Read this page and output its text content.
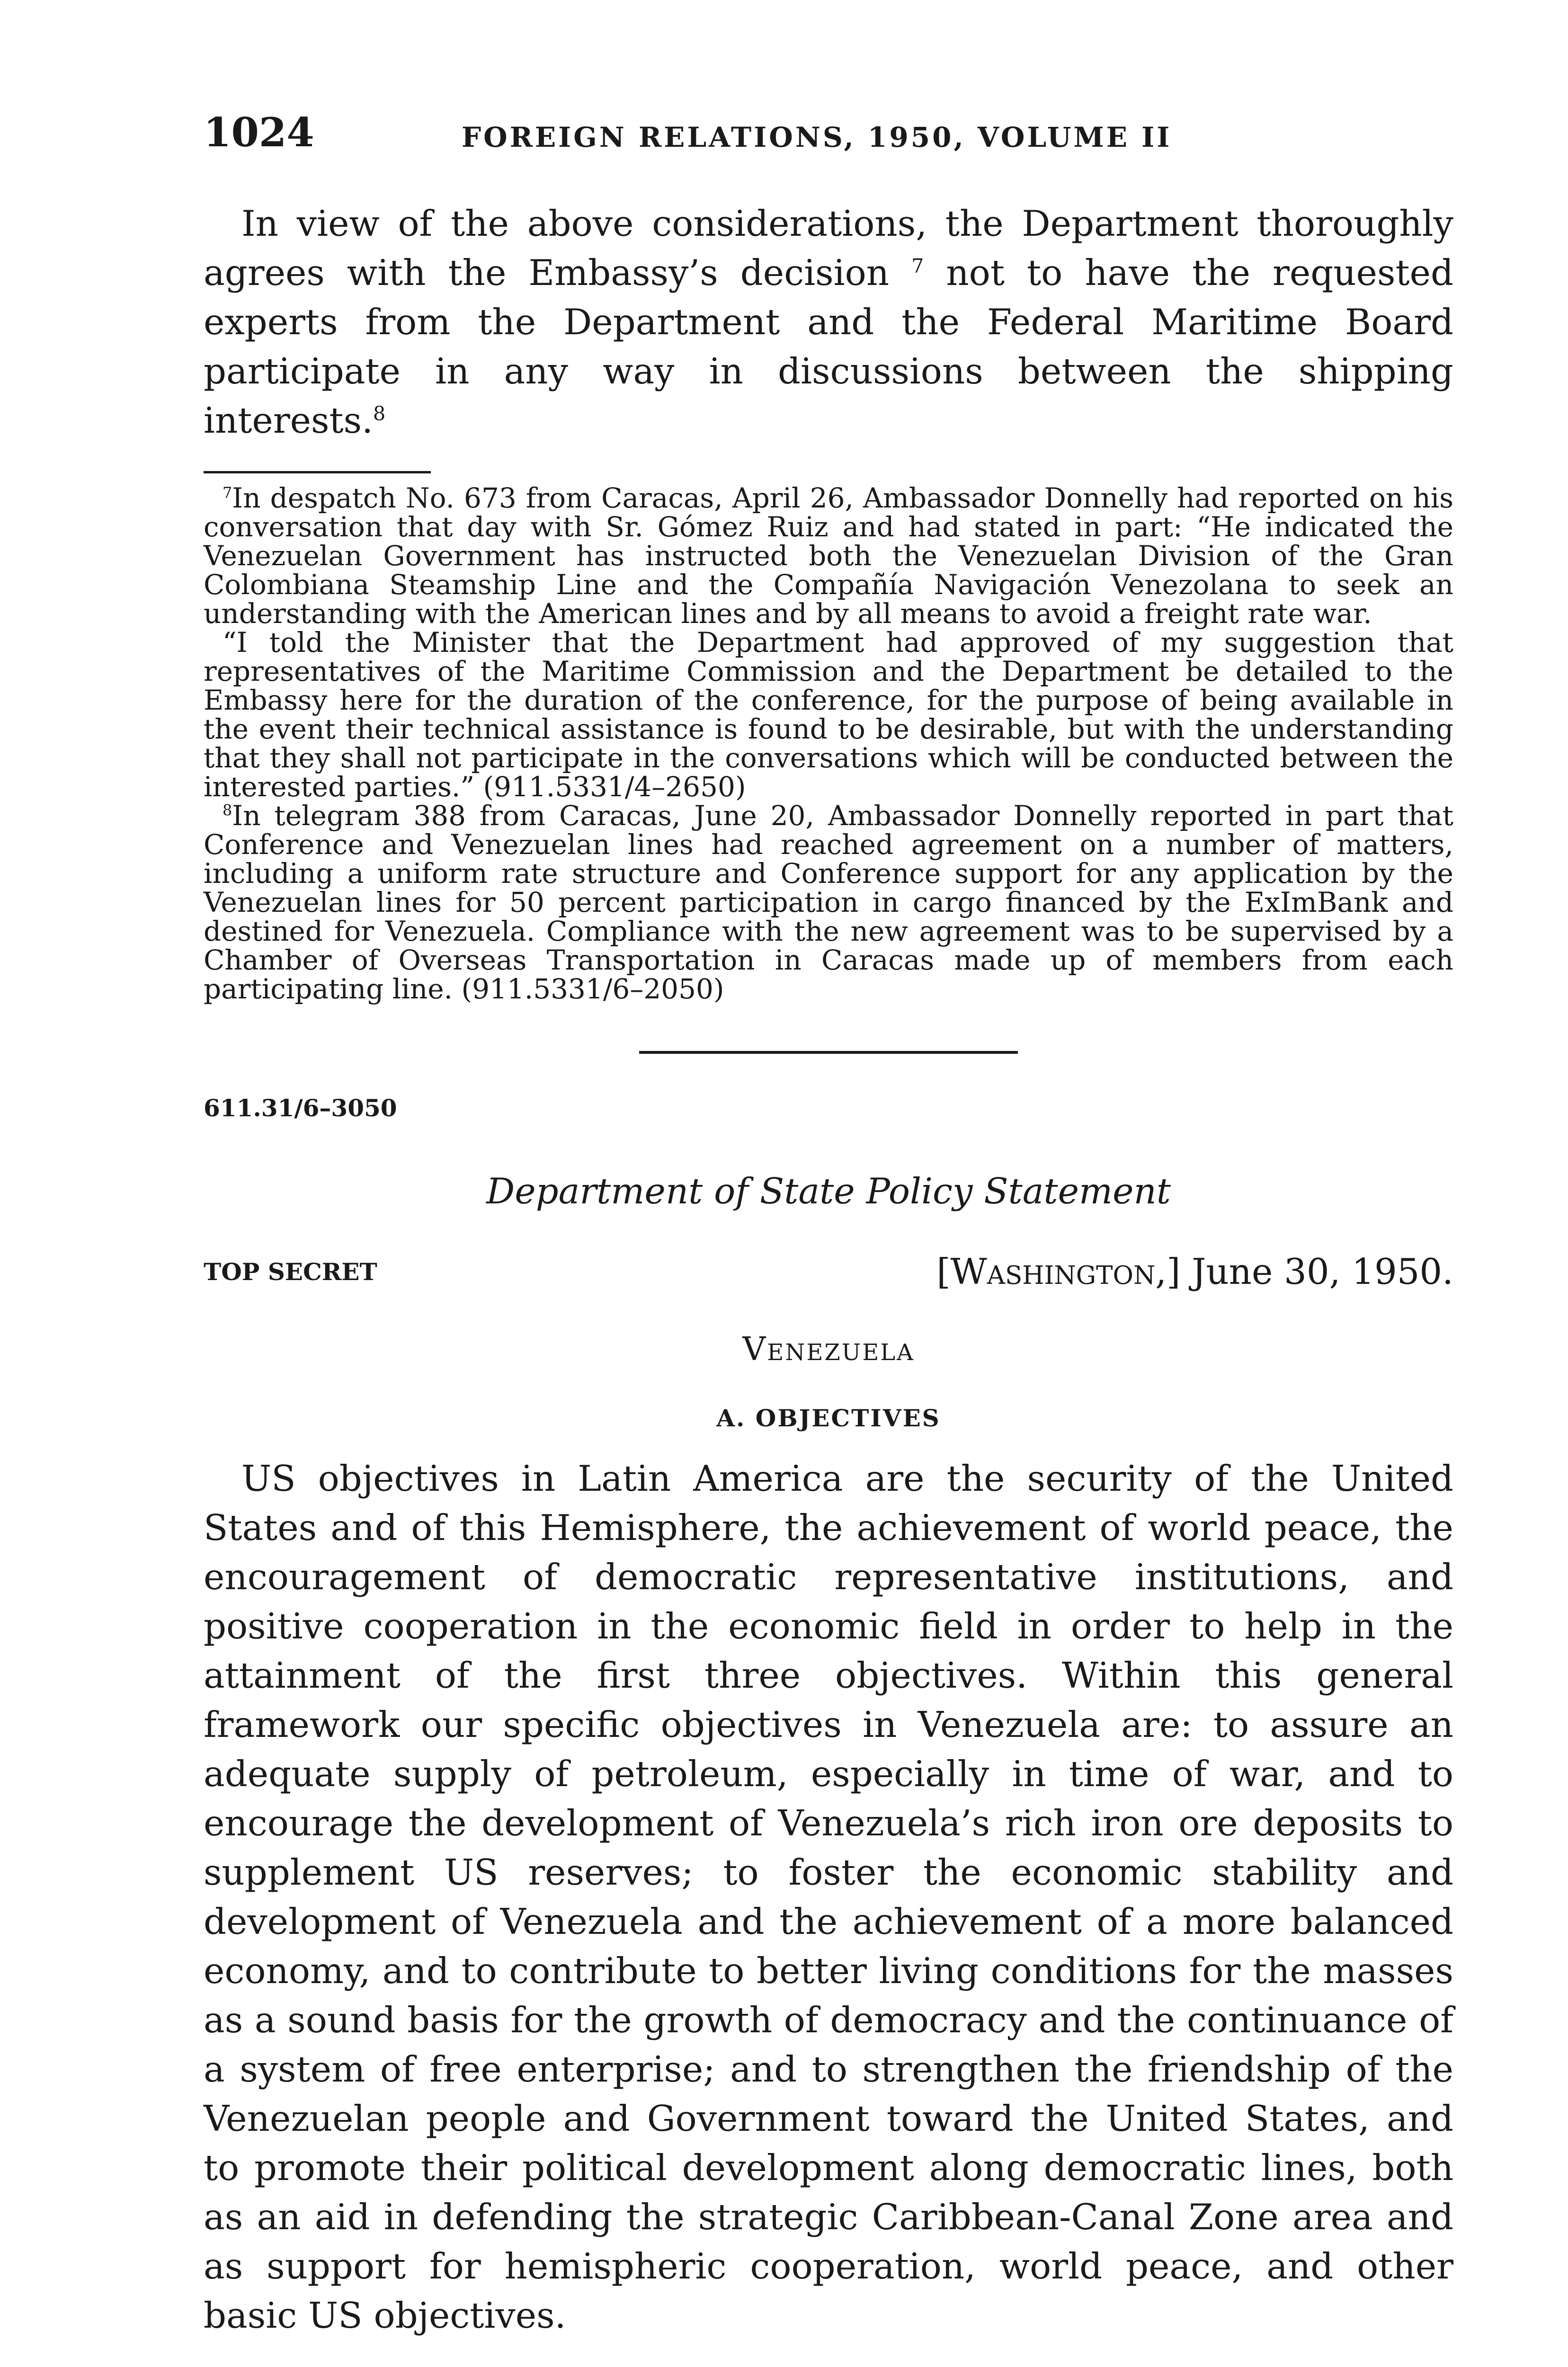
1024	FOREIGN RELATIONS, 1950, VOLUME II

In view of the above considerations, the Department thoroughly agrees with the Embassy’s decision $^7$ not to have the requested experts from the Department and the Federal Maritime Board participate in any way in discussions between the shipping interests.$^8$

$^7$In despatch No. 673 from Caracas, April 26, Ambassador Donnelly had reported on his conversation that day with Sr. Gómez Ruiz and had stated in part: “He indicated the Venezuelan Government has instructed both the Venezuelan Division of the Gran Colombiana Steamship Line and the Compañía Navigación Venezolana to seek an understanding with the American lines and by all means to avoid a freight rate war.

“I told the Minister that the Department had approved of my suggestion that representatives of the Maritime Commission and the Department be detailed to the Embassy here for the duration of the conference, for the purpose of being available in the event their technical assistance is found to be desirable, but with the understanding that they shall not participate in the conversations which will be conducted between the interested parties.” (911.5331/4–2650)

$^8$In telegram 388 from Caracas, June 20, Ambassador Donnelly reported in part that Conference and Venezuelan lines had reached agreement on a number of matters, including a uniform rate structure and Conference support for any application by the Venezuelan lines for 50 percent participation in cargo financed by the ExImBank and destined for Venezuela. Compliance with the new agreement was to be supervised by a Chamber of Overseas Transportation in Caracas made up of members from each participating line. (911.5331/6–2050)

611.31/6–3050
Department of State Policy Statement
TOP SECRET	[Washington,] June 30, 1950.
Venezuela
A. OBJECTIVES

US objectives in Latin America are the security of the United States and of this Hemisphere, the achievement of world peace, the encouragement of democratic representative institutions, and positive cooperation in the economic field in order to help in the attainment of the first three objectives. Within this general framework our specific objectives in Venezuela are: to assure an adequate supply of petroleum, especially in time of war, and to encourage the development of Venezuela’s rich iron ore deposits to supplement US reserves; to foster the economic stability and development of Venezuela and the achievement of a more balanced economy, and to contribute to better living conditions for the masses as a sound basis for the growth of democracy and the continuance of a system of free enterprise; and to strengthen the friendship of the Venezuelan people and Government toward the United States, and to promote their political development along democratic lines, both as an aid in defending the strategic Caribbean-Canal Zone area and as support for hemispheric cooperation, world peace, and other basic US objectives.
